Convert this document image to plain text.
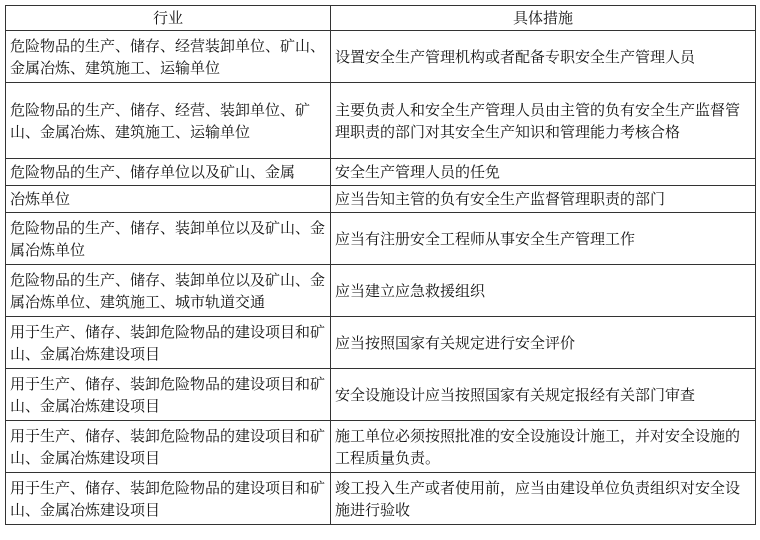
行业	具体措施
危险物品的生产、储存、经营装卸单位、矿山、金属冶炼、建筑施工、运输单位	设置安全生产管理机构或者配备专职安全生产管理人员
危险物品的生产、储存、经营、装卸单位、矿山、金属冶炼、建筑施工、运输单位	主要负责人和安全生产管理人员由主管的负有安全生产监督管理职责的部门对其安全生产知识和管理能力考核合格
危险物品的生产、储存单位以及矿山、金属	安全生产管理人员的任免
冶炼单位	应当告知主管的负有安全生产监督管理职责的部门
危险物品的生产、储存、装卸单位以及矿山、金属冶炼单位	应当有注册安全工程师从事安全生产管理工作
危险物品的生产、储存、装卸单位以及矿山、金属冶炼单位、建筑施工、城市轨道交通	应当建立应急救援组织
用于生产、储存、装卸危险物品的建设项目和矿山、金属冶炼建设项目	应当按照国家有关规定进行安全评价
用于生产、储存、装卸危险物品的建设项目和矿山、金属冶炼建设项目	安全设施设计应当按照国家有关规定报经有关部门审查
用于生产、储存、装卸危险物品的建设项目和矿山、金属冶炼建设项目	施工单位必须按照批准的安全设施设计施工，并对安全设施的工程质量负责。
用于生产、储存、装卸危险物品的建设项目和矿山、金属冶炼建设项目	竣工投入生产或者使用前，应当由建设单位负责组织对安全设施进行验收
